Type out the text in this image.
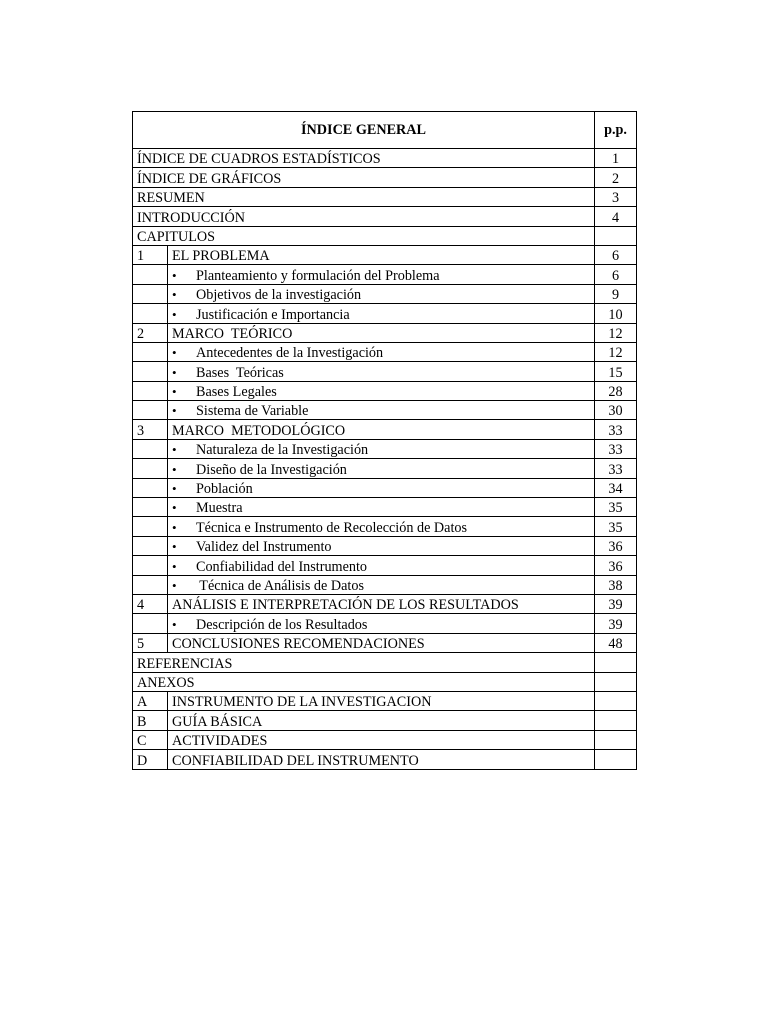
ÍNDICE GENERAL		p.p.
ÍNDICE DE CUADROS ESTADÍSTICOS		1
ÍNDICE DE GRÁFICOS		2
RESUMEN		3
INTRODUCCIÓN		4
CAPITULOS		
1	EL PROBLEMA	6
	• Planteamiento y formulación del Problema	6
	• Objetivos de la investigación	9
	• Justificación e Importancia	10
2	MARCO  TEÓRICO	12
	• Antecedentes de la Investigación	12
	• Bases  Teóricas	15
	• Bases Legales	28
	• Sistema de Variable	30
3	MARCO  METODOLÓGICO	33
	• Naturaleza de la Investigación	33
	• Diseño de la Investigación	33
	• Población	34
	• Muestra	35
	• Técnica e Instrumento de Recolección de Datos	35
	• Validez del Instrumento	36
	• Confiabilidad del Instrumento	36
	• Técnica de Análisis de Datos	38
4	ANÁLISIS E INTERPRETACIÓN DE LOS RESULTADOS	39
	• Descripción de los Resultados	39
5	CONCLUSIONES RECOMENDACIONES	48
REFERENCIAS		
ANEXOS		
A	INSTRUMENTO DE LA INVESTIGACION	
B	GUÍA BÁSICA	
C	ACTIVIDADES	
D	CONFIABILIDAD DEL INSTRUMENTO	
